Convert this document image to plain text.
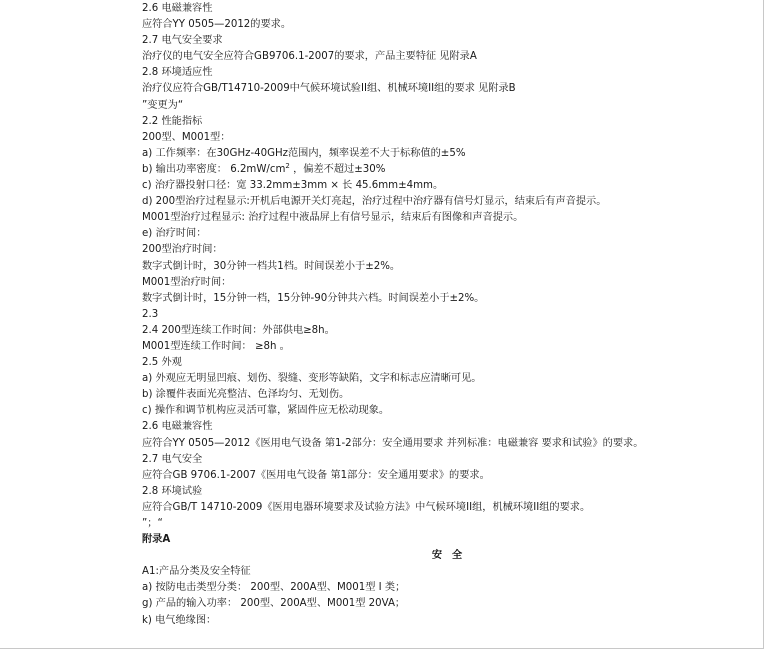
2.6 电磁兼容性
应符合YY 0505—2012的要求。
2.7 电气安全要求
治疗仪的电气安全应符合GB9706.1-2007的要求，产品主要特征 见附录A
2.8 环境适应性
治疗仪应符合GB/T14710-2009中气候环境试验II组、机械环境II组的要求 见附录B
”变更为“
2.2 性能指标
200型、M001型：
a) 工作频率：在30GHz-40GHz范围内，频率误差不大于标称值的±5%
b) 输出功率密度： $6.2mW/cm^2$ ，偏差不超过±30%
c) 治疗器投射口径：宽 33.2mm±3mm × 长 45.6mm±4mm。
d) 200型治疗过程显示:开机后电源开关灯亮起，治疗过程中治疗器有信号灯显示，结束后有声音提示。
M001型治疗过程显示: 治疗过程中液晶屏上有信号显示，结束后有图像和声音提示。
e) 治疗时间：
200型治疗时间：
数字式倒计时，30分钟一档共1档。时间误差小于±2%。
M001型治疗时间：
数字式倒计时，15分钟一档，15分钟-90分钟共六档。时间误差小于±2%。
2.3
2.4 200型连续工作时间：外部供电≥8h。
M001型连续工作时间： ≥8h 。
2.5 外观
a) 外观应无明显凹痕、划伤、裂缝、变形等缺陷，文字和标志应清晰可见。
b) 涂覆件表面光亮整洁、色泽均匀、无划伤。
c) 操作和调节机构应灵活可靠，紧固件应无松动现象。
2.6 电磁兼容性
应符合YY 0505—2012《医用电气设备 第1-2部分：安全通用要求 并列标准：电磁兼容 要求和试验》的要求。
2.7 电气安全
应符合GB 9706.1-2007《医用电气设备 第1部分：安全通用要求》的要求。
2.8 环境试验
应符合GB/T 14710-2009《医用电器环境要求及试验方法》中气候环境II组，机械环境II组的要求。
”；“
附录A
安全
A1:产品分类及安全特征
a) 按防电击类型分类： 200型、200A型、M001型 I 类；
g) 产品的输入功率： 200型、200A型、M001型 20VA；
k) 电气绝缘图：
